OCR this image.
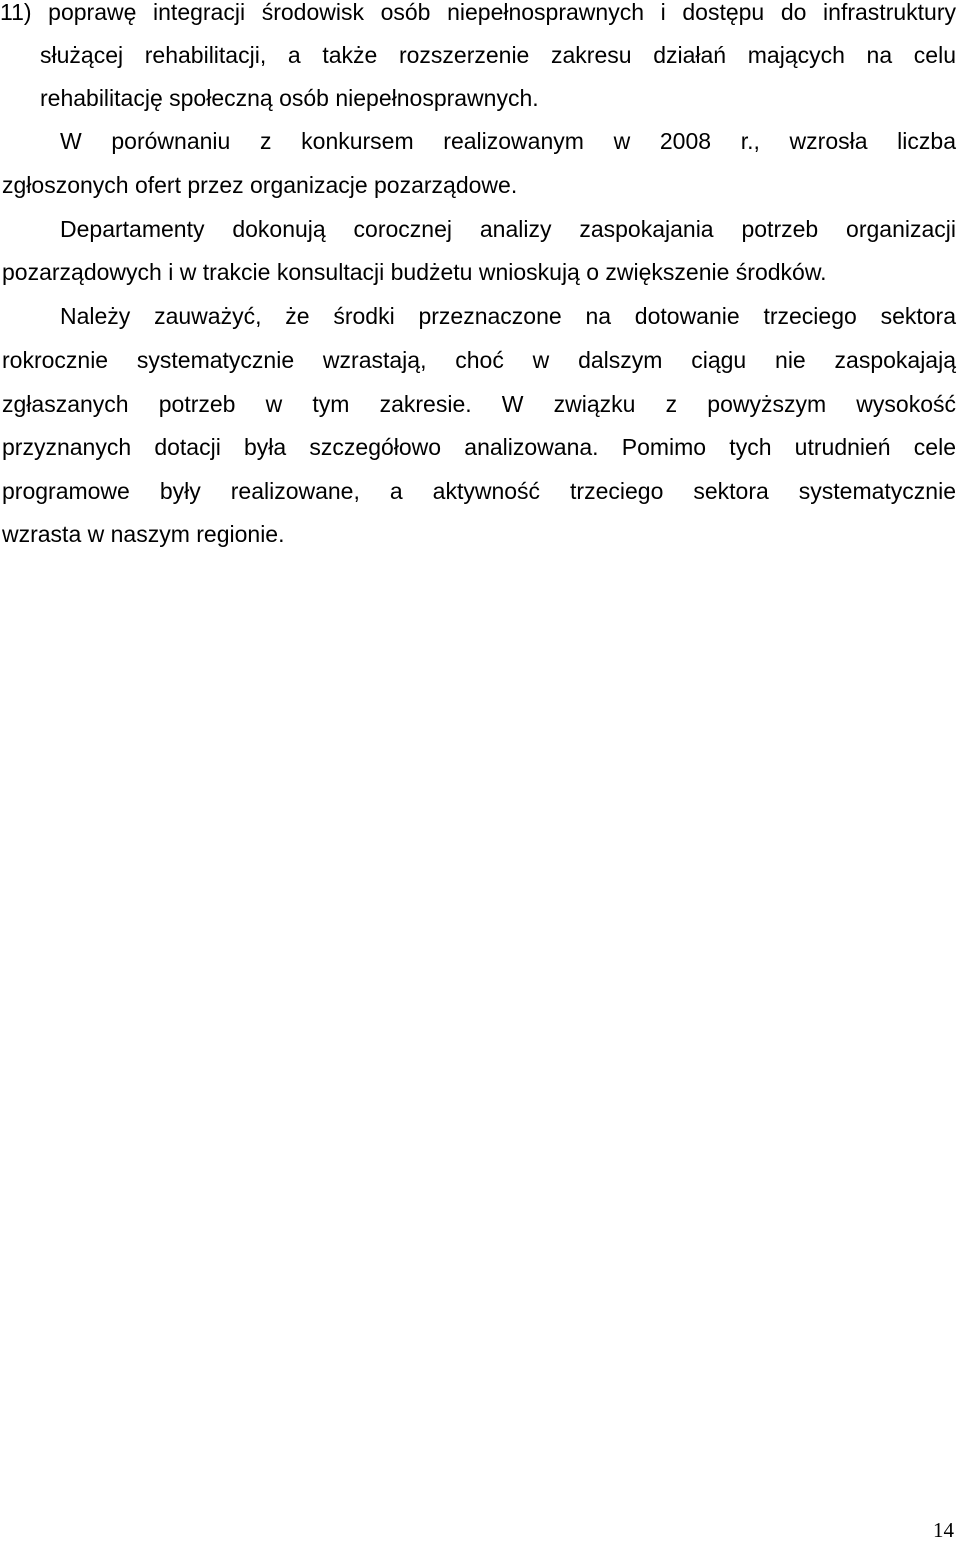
11) poprawę integracji środowisk osób niepełnosprawnych i dostępu do infrastruktury
służącej rehabilitacji, a także rozszerzenie zakresu działań mających na celu
rehabilitację społeczną osób niepełnosprawnych.
W porównaniu z konkursem realizowanym w 2008 r., wzrosła liczba
zgłoszonych ofert przez organizacje pozarządowe.
Departamenty dokonują corocznej analizy zaspokajania potrzeb organizacji
pozarządowych i w trakcie konsultacji budżetu wnioskują o zwiększenie środków.
Należy zauważyć, że środki przeznaczone na dotowanie trzeciego sektora
rokrocznie systematycznie wzrastają, choć w dalszym ciągu nie zaspokajają
zgłaszanych potrzeb w tym zakresie. W związku z powyższym wysokość
przyznanych dotacji była szczegółowo analizowana. Pomimo tych utrudnień cele
programowe były realizowane, a aktywność trzeciego sektora systematycznie
wzrasta w naszym regionie.
14
